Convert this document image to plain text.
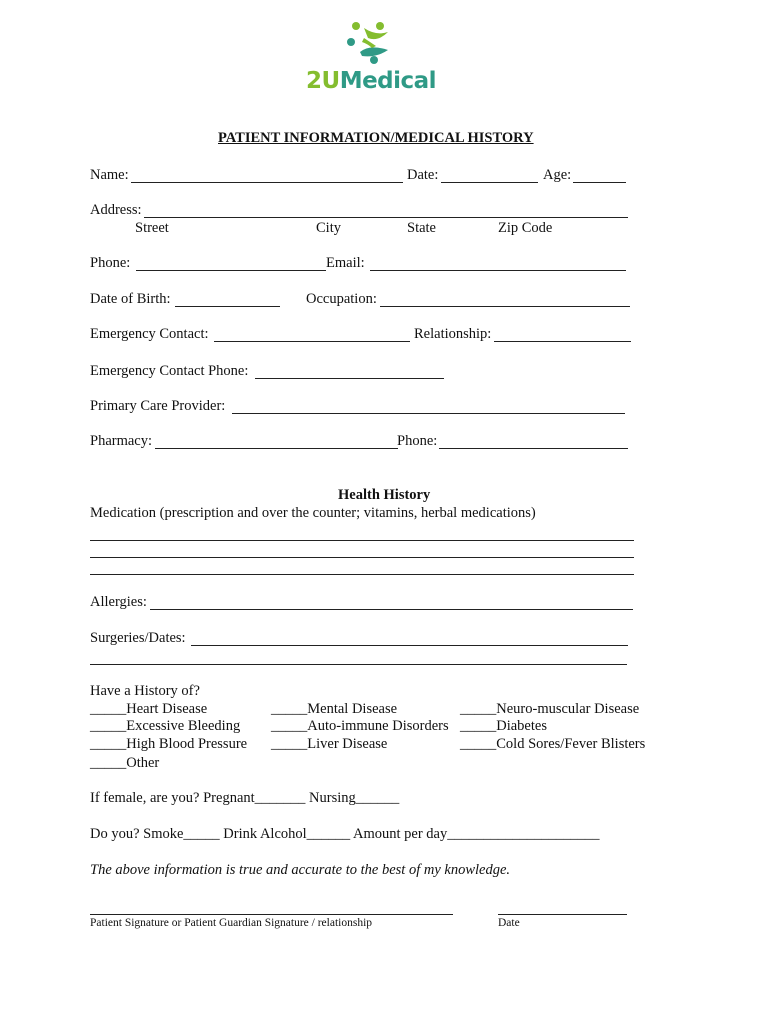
2UMedical
PATIENT INFORMATION/MEDICAL HISTORY
Name:	Date:	Age:
Address:
Street	City	State	Zip Code
Phone:	Email:
Date of Birth:	Occupation:
Emergency Contact:	Relationship:
Emergency Contact Phone:
Primary Care Provider:
Pharmacy:	Phone:
Health History
Medication (prescription and over the counter; vitamins, herbal medications)
Allergies:
Surgeries/Dates:
Have a History of?
_____Heart Disease	_____Mental Disease	_____Neuro-muscular Disease
_____Excessive Bleeding _____Auto-immune Disorders _____Diabetes
_____High Blood Pressure _____Liver Disease	_____Cold Sores/Fever Blisters
_____Other
If female, are you? Pregnant_______ Nursing______
Do you? Smoke_____ Drink Alcohol______ Amount per day_____________________
The above information is true and accurate to the best of my knowledge.
Patient Signature or Patient Guardian Signature / relationship	Date
